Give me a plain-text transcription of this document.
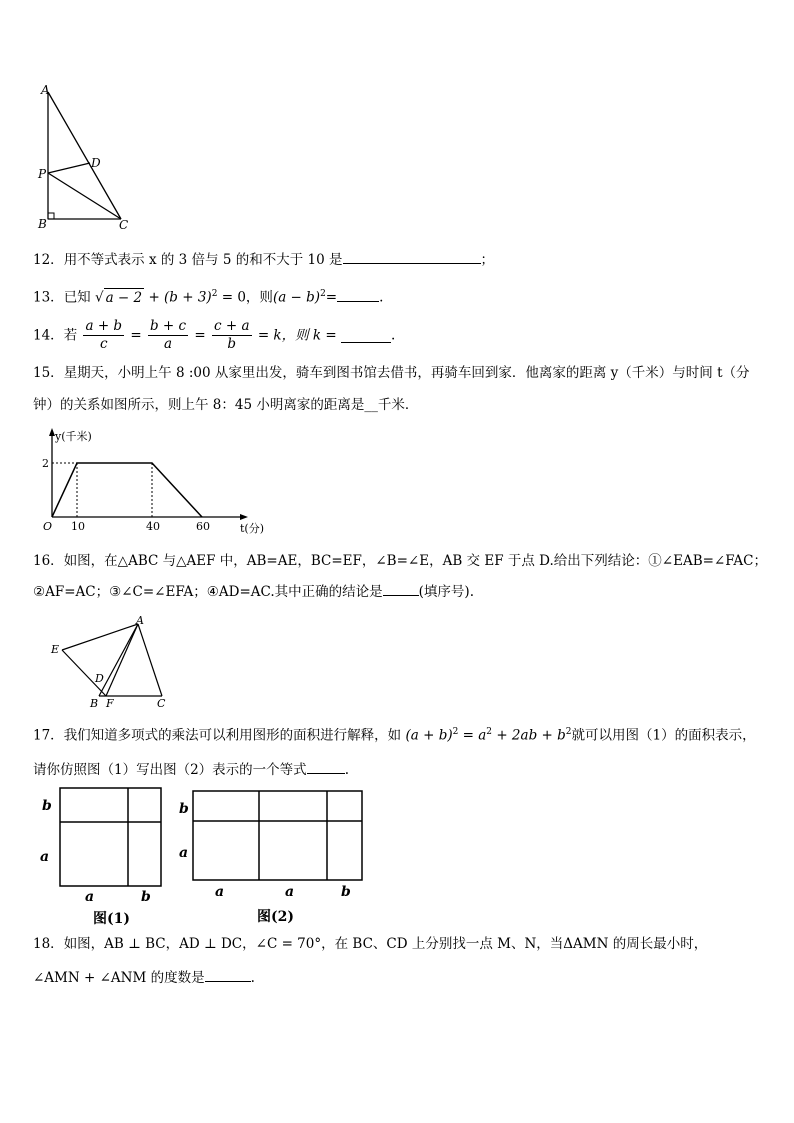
A
P
D
B	C
12．用不等式表示 x 的 3 倍与 5 的和不大于 10 是	；
13．已知 √ $a - 2 + (b + 3)^2 = 0$，则$(a - b)^2=$	.
14．若 $\frac{a + b}{c} = \frac{b + c}{a} = \frac{c + a}{b} = k$，则 k =	.
15．星期天，小明上午 8 :00 从家里出发，骑车到图书馆去借书，再骑车回到家．他离家的距离 y（千米）与时间 t（分
钟）的关系如图所示，则上午 8：45 小明离家的距离是__千米．
10	40	60
2
O	t(分)
y(千米)
16．如图，在△ABC 与△AEF 中，AB=AE，BC=EF，∠B=∠E，AB 交 EF 于点 D.给出下列结论：①∠EAB=∠FAC；
②AF=AC；③∠C=∠EFA；④AD=AC.其中正确的结论是	(填序号).
A
E
D
B F	C
17．我们知道多项式的乘法可以利用图形的面积进行解释，如 $(a + b)^2 = a^2 + 2ab + b^2$就可以用图（1）的面积表示，
请你仿照图（1）写出图（2）表示的一个等式	.
b
a
a	b
图(1)
b
a
a	a	b
图(2)
18．如图，AB ⊥ BC，AD ⊥ DC，∠C = 70°，在 BC、CD 上分别找一点 M、N，当ΔAMN 的周长最小时，
∠AMN + ∠ANM 的度数是	.
